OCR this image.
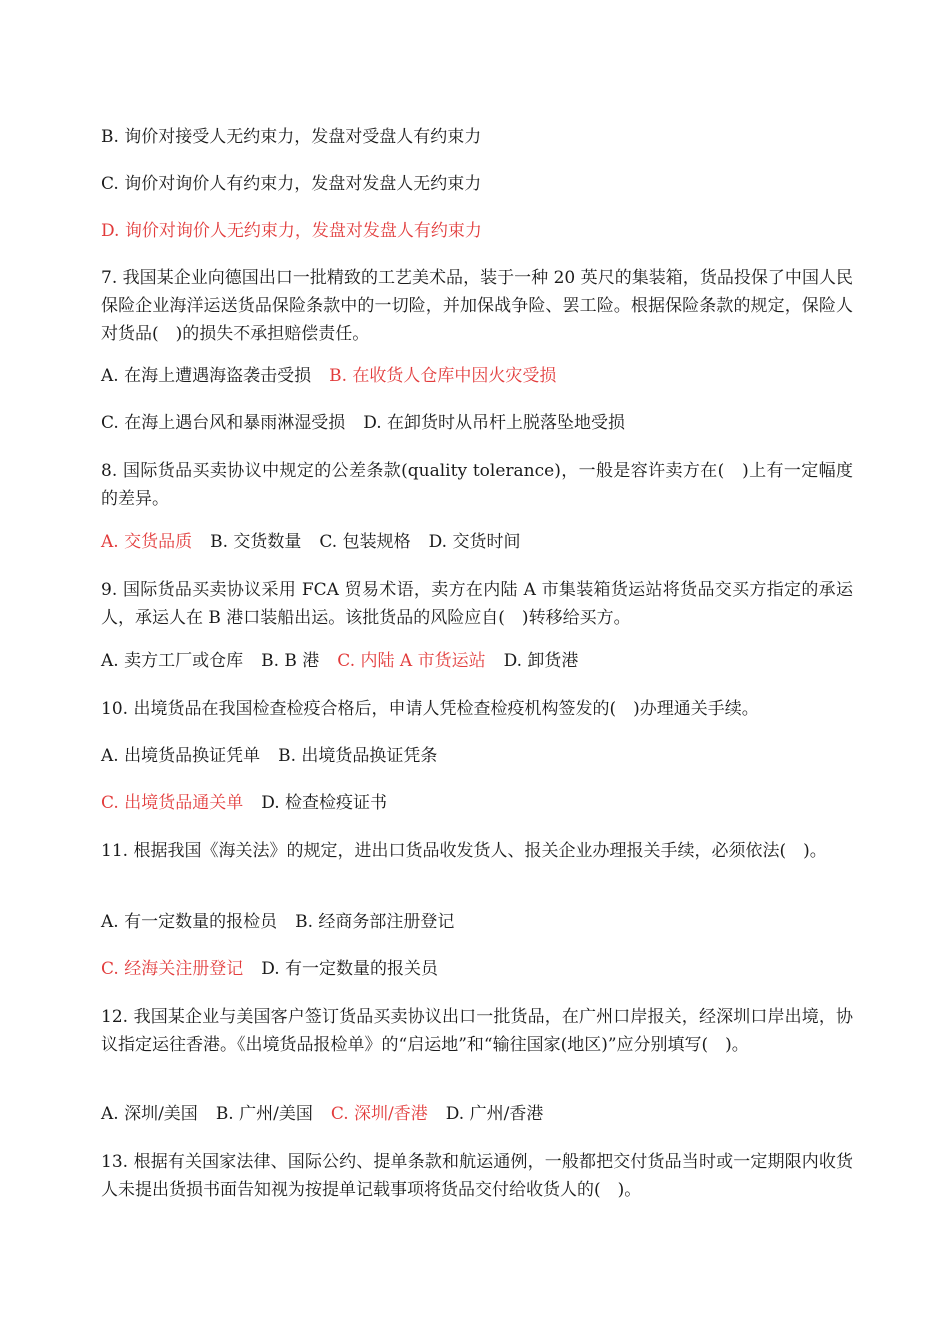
B. 询价对接受人无约束力，发盘对受盘人有约束力

C. 询价对询价人有约束力，发盘对发盘人无约束力

D. 询价对询价人无约束力，发盘对发盘人有约束力

7. 我国某企业向德国出口一批精致的工艺美术品，装于一种 20 英尺的集装箱，货品投保了中国人民保险企业海洋运送货品保险条款中的一切险，并加保战争险、罢工险。根据保险条款的规定，保险人对货品(　)的损失不承担赔偿责任。

A. 在海上遭遇海盗袭击受损 B. 在收货人仓库中因火灾受损

C. 在海上遇台风和暴雨淋湿受损 D. 在卸货时从吊杆上脱落坠地受损

8. 国际货品买卖协议中规定的公差条款(quality tolerance)，一般是容许卖方在(　)上有一定幅度的差异。

A. 交货品质 B. 交货数量 C. 包装规格 D. 交货时间

9. 国际货品买卖协议采用 FCA 贸易术语，卖方在内陆 A 市集装箱货运站将货品交买方指定的承运人，承运人在 B 港口装船出运。该批货品的风险应自(　)转移给买方。

A. 卖方工厂或仓库 B. B 港 C. 内陆 A 市货运站 D. 卸货港

10. 出境货品在我国检查检疫合格后，申请人凭检查检疫机构签发的(　)办理通关手续。

A. 出境货品换证凭单 B. 出境货品换证凭条

C. 出境货品通关单 D. 检查检疫证书

11. 根据我国《海关法》的规定，进出口货品收发货人、报关企业办理报关手续，必须依法(　)。

A. 有一定数量的报检员 B. 经商务部注册登记

C. 经海关注册登记 D. 有一定数量的报关员

12. 我国某企业与美国客户签订货品买卖协议出口一批货品，在广州口岸报关，经深圳口岸出境，协议指定运往香港。《出境货品报检单》的“启运地”和“输往国家(地区)”应分别填写(　)。

A. 深圳/美国 B. 广州/美国 C. 深圳/香港 D. 广州/香港

13. 根据有关国家法律、国际公约、提单条款和航运通例，一般都把交付货品当时或一定期限内收货人未提出货损书面告知视为按提单记载事项将货品交付给收货人的(　)。
